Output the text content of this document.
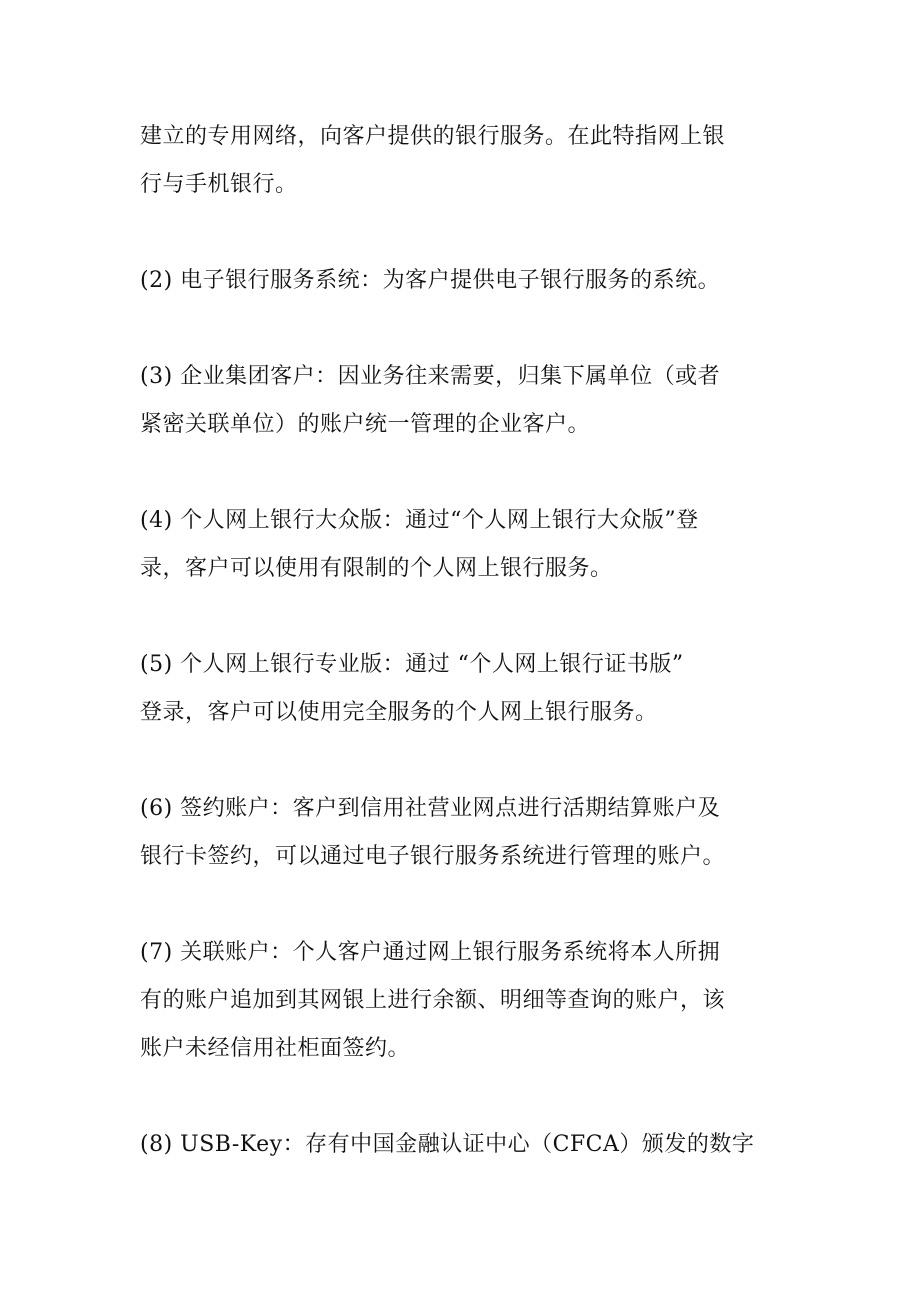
建立的专用网络，向客户提供的银行服务。在此特指网上银
行与手机银行。

(2) 电子银行服务系统：为客户提供电子银行服务的系统。

(3) 企业集团客户：因业务往来需要，归集下属单位（或者
紧密关联单位）的账户统一管理的企业客户。

(4) 个人网上银行大众版：通过“个人网上银行大众版”登
录，客户可以使用有限制的个人网上银行服务。

(5) 个人网上银行专业版：通过 “个人网上银行证书版”
登录，客户可以使用完全服务的个人网上银行服务。

(6) 签约账户：客户到信用社营业网点进行活期结算账户及
银行卡签约，可以通过电子银行服务系统进行管理的账户。

(7) 关联账户：个人客户通过网上银行服务系统将本人所拥
有的账户追加到其网银上进行余额、明细等查询的账户，该
账户未经信用社柜面签约。

(8) USB-Key：存有中国金融认证中心（CFCA）颁发的数字
